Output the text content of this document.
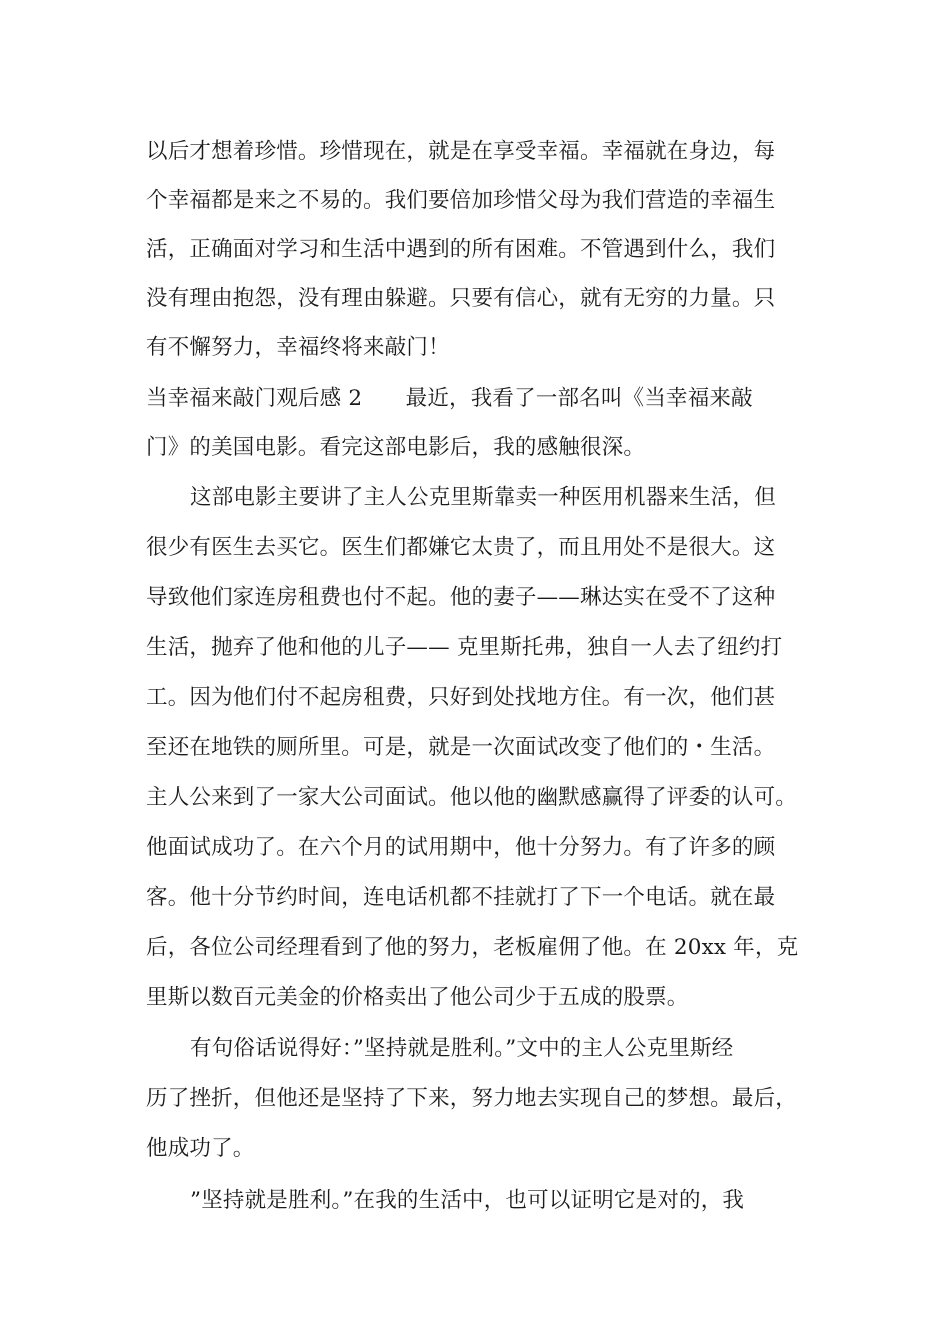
以后才想着珍惜。珍惜现在，就是在享受幸福。幸福就在身边，每
个幸福都是来之不易的。我们要倍加珍惜父母为我们营造的幸福生
活，正确面对学习和生活中遇到的所有困难。不管遇到什么，我们
没有理由抱怨，没有理由躲避。只要有信心，就有无穷的力量。只
有不懈努力，幸福终将来敲门！
当幸福来敲门观后感 2　　最近，我看了一部名叫《当幸福来敲
门》的美国电影。看完这部电影后，我的感触很深。
这部电影主要讲了主人公克里斯靠卖一种医用机器来生活，但
很少有医生去买它。医生们都嫌它太贵了，而且用处不是很大。这
导致他们家连房租费也付不起。他的妻子——琳达实在受不了这种
生活，抛弃了他和他的儿子—— 克里斯托弗，独自一人去了纽约打
工。因为他们付不起房租费，只好到处找地方住。有一次，他们甚
至还在地铁的厕所里。可是，就是一次面试改变了他们的・生活。
主人公来到了一家大公司面试。他以他的幽默感赢得了评委的认可。
他面试成功了。在六个月的试用期中，他十分努力。有了许多的顾
客。他十分节约时间，连电话机都不挂就打了下一个电话。就在最
后，各位公司经理看到了他的努力，老板雇佣了他。在 20xx 年，克
里斯以数百元美金的价格卖出了他公司少于五成的股票。
有句俗话说得好：”坚持就是胜利。”文中的主人公克里斯经
历了挫折，但他还是坚持了下来，努力地去实现自己的梦想。最后，
他成功了。
”坚持就是胜利。”在我的生活中，也可以证明它是对的，我
